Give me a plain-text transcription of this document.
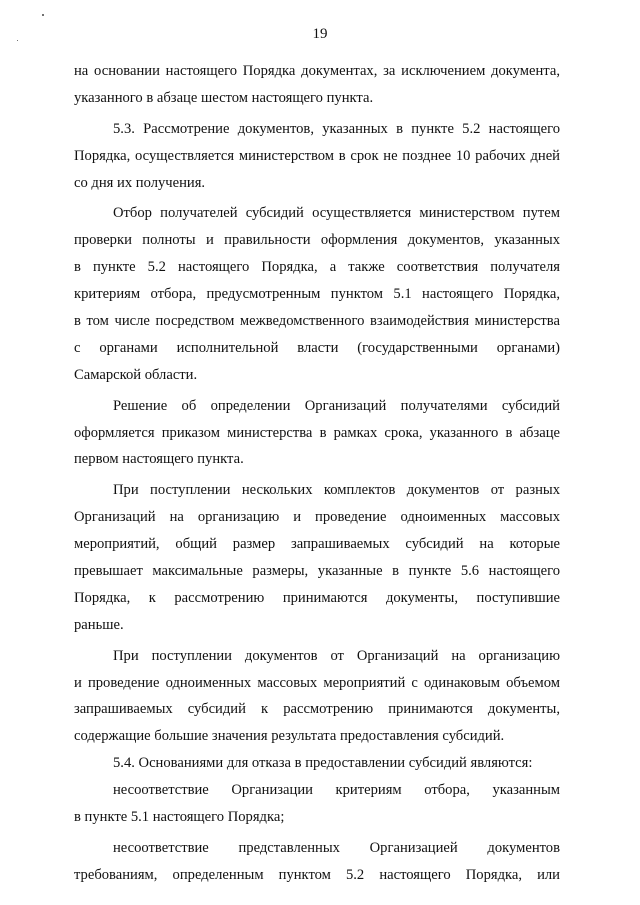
19
на основании настоящего Порядка документах, за исключением документа,
указанного в абзаце шестом настоящего пункта.
5.3. Рассмотрение документов, указанных в пункте 5.2 настоящего
Порядка, осуществляется министерством в срок не позднее 10 рабочих дней
со дня их получения.
Отбор получателей субсидий осуществляется министерством путем
проверки полноты и правильности оформления документов, указанных
в пункте 5.2 настоящего Порядка, а также соответствия получателя
критериям отбора, предусмотренным пунктом 5.1 настоящего Порядка,
в том числе посредством межведомственного взаимодействия министерства
с органами исполнительной власти (государственными органами)
Самарской области.
Решение об определении Организаций получателями субсидий
оформляется приказом министерства в рамках срока, указанного в абзаце
первом настоящего пункта.
При поступлении нескольких комплектов документов от разных
Организаций на организацию и проведение одноименных массовых
мероприятий, общий размер запрашиваемых субсидий на которые
превышает максимальные размеры, указанные в пункте 5.6 настоящего
Порядка, к рассмотрению принимаются документы, поступившие
раньше.
При поступлении документов от Организаций на организацию
и проведение одноименных массовых мероприятий с одинаковым объемом
запрашиваемых субсидий к рассмотрению принимаются документы,
содержащие большие значения результата предоставления субсидий.
5.4. Основаниями для отказа в предоставлении субсидий являются:
несоответствие Организации критериям отбора, указанным
в пункте 5.1 настоящего Порядка;
несоответствие представленных Организацией документов
требованиям, определенным пунктом 5.2 настоящего Порядка, или
